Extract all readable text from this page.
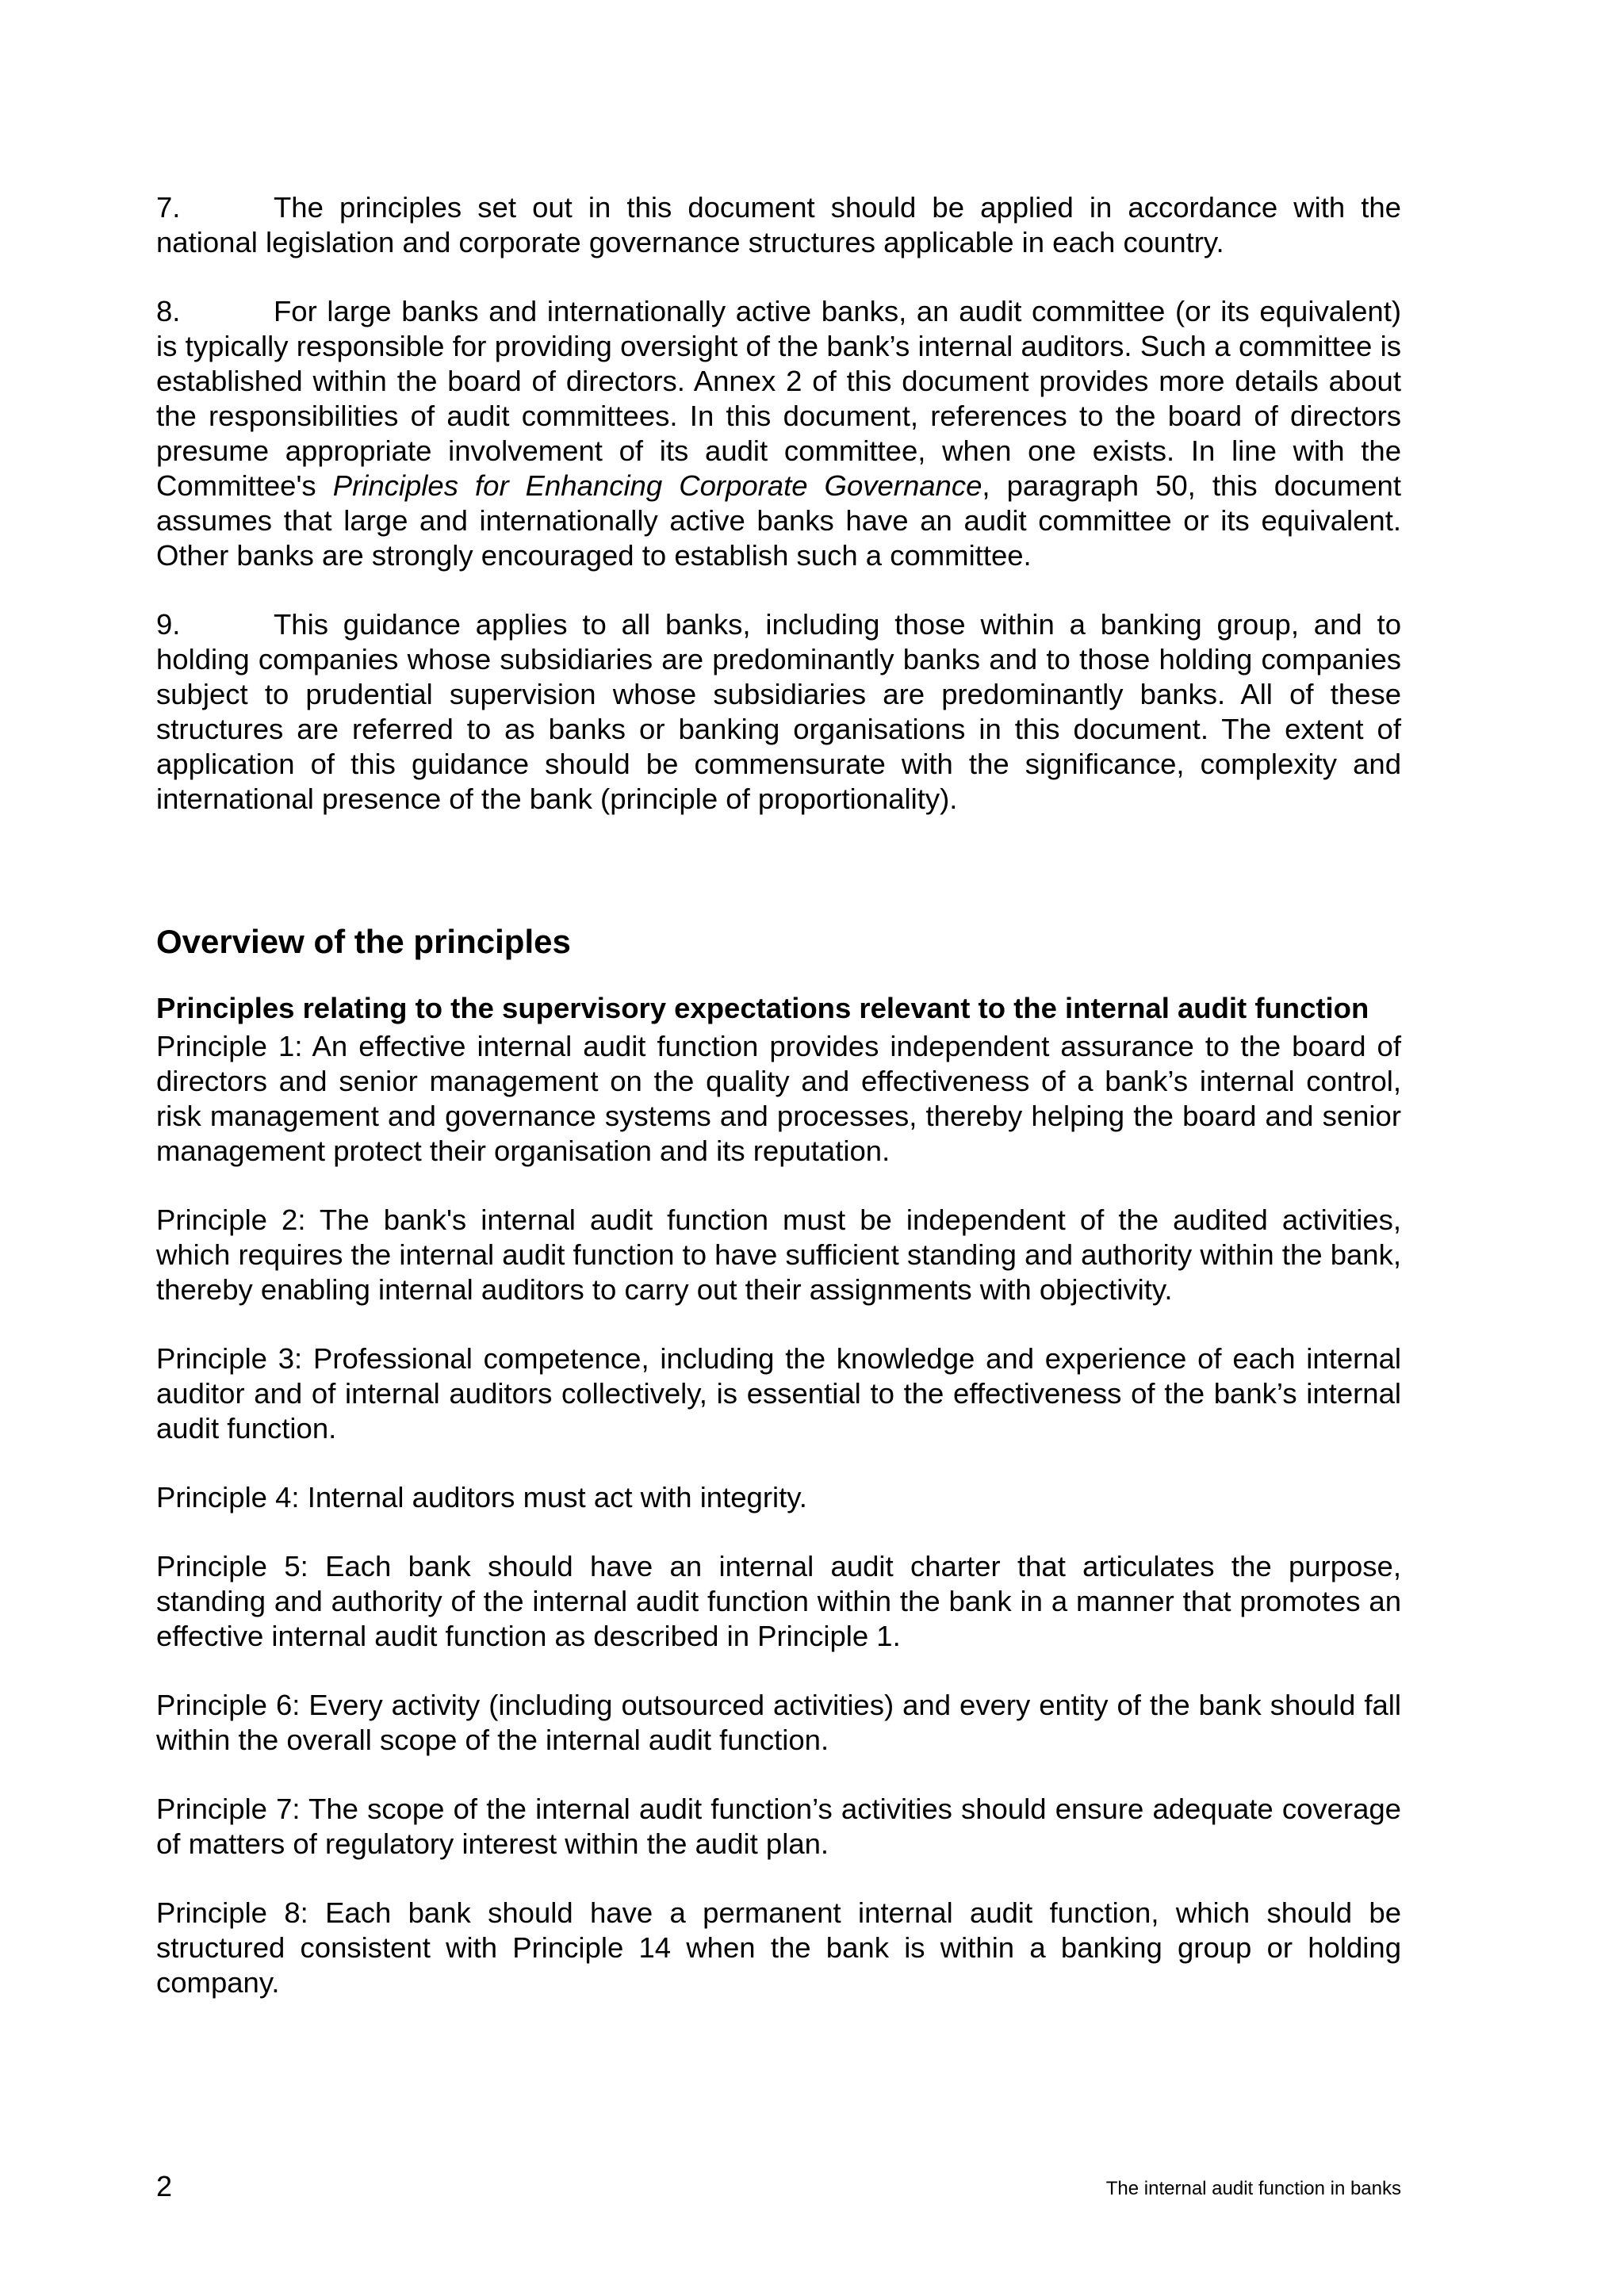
7.	The principles set out in this document should be applied in accordance with the national legislation and corporate governance structures applicable in each country.

8.	For large banks and internationally active banks, an audit committee (or its equivalent) is typically responsible for providing oversight of the bank’s internal auditors. Such a committee is established within the board of directors. Annex 2 of this document provides more details about the responsibilities of audit committees. In this document, references to the board of directors presume appropriate involvement of its audit committee, when one exists. In line with the Committee's Principles for Enhancing Corporate Governance, paragraph 50, this document assumes that large and internationally active banks have an audit committee or its equivalent. Other banks are strongly encouraged to establish such a committee.

9.	This guidance applies to all banks, including those within a banking group, and to holding companies whose subsidiaries are predominantly banks and to those holding companies subject to prudential supervision whose subsidiaries are predominantly banks. All of these structures are referred to as banks or banking organisations in this document. The extent of application of this guidance should be commensurate with the significance, complexity and international presence of the bank (principle of proportionality).

Overview of the principles
Principles relating to the supervisory expectations relevant to the internal audit function

Principle 1: An effective internal audit function provides independent assurance to the board of directors and senior management on the quality and effectiveness of a bank’s internal control, risk management and governance systems and processes, thereby helping the board and senior management protect their organisation and its reputation.

Principle 2: The bank's internal audit function must be independent of the audited activities, which requires the internal audit function to have sufficient standing and authority within the bank, thereby enabling internal auditors to carry out their assignments with objectivity.

Principle 3: Professional competence, including the knowledge and experience of each internal auditor and of internal auditors collectively, is essential to the effectiveness of the bank’s internal audit function.

Principle 4: Internal auditors must act with integrity.

Principle 5: Each bank should have an internal audit charter that articulates the purpose, standing and authority of the internal audit function within the bank in a manner that promotes an effective internal audit function as described in Principle 1.

Principle 6: Every activity (including outsourced activities) and every entity of the bank should fall within the overall scope of the internal audit function.

Principle 7: The scope of the internal audit function’s activities should ensure adequate coverage of matters of regulatory interest within the audit plan.

Principle 8: Each bank should have a permanent internal audit function, which should be structured consistent with Principle 14 when the bank is within a banking group or holding company.

2	The internal audit function in banks
